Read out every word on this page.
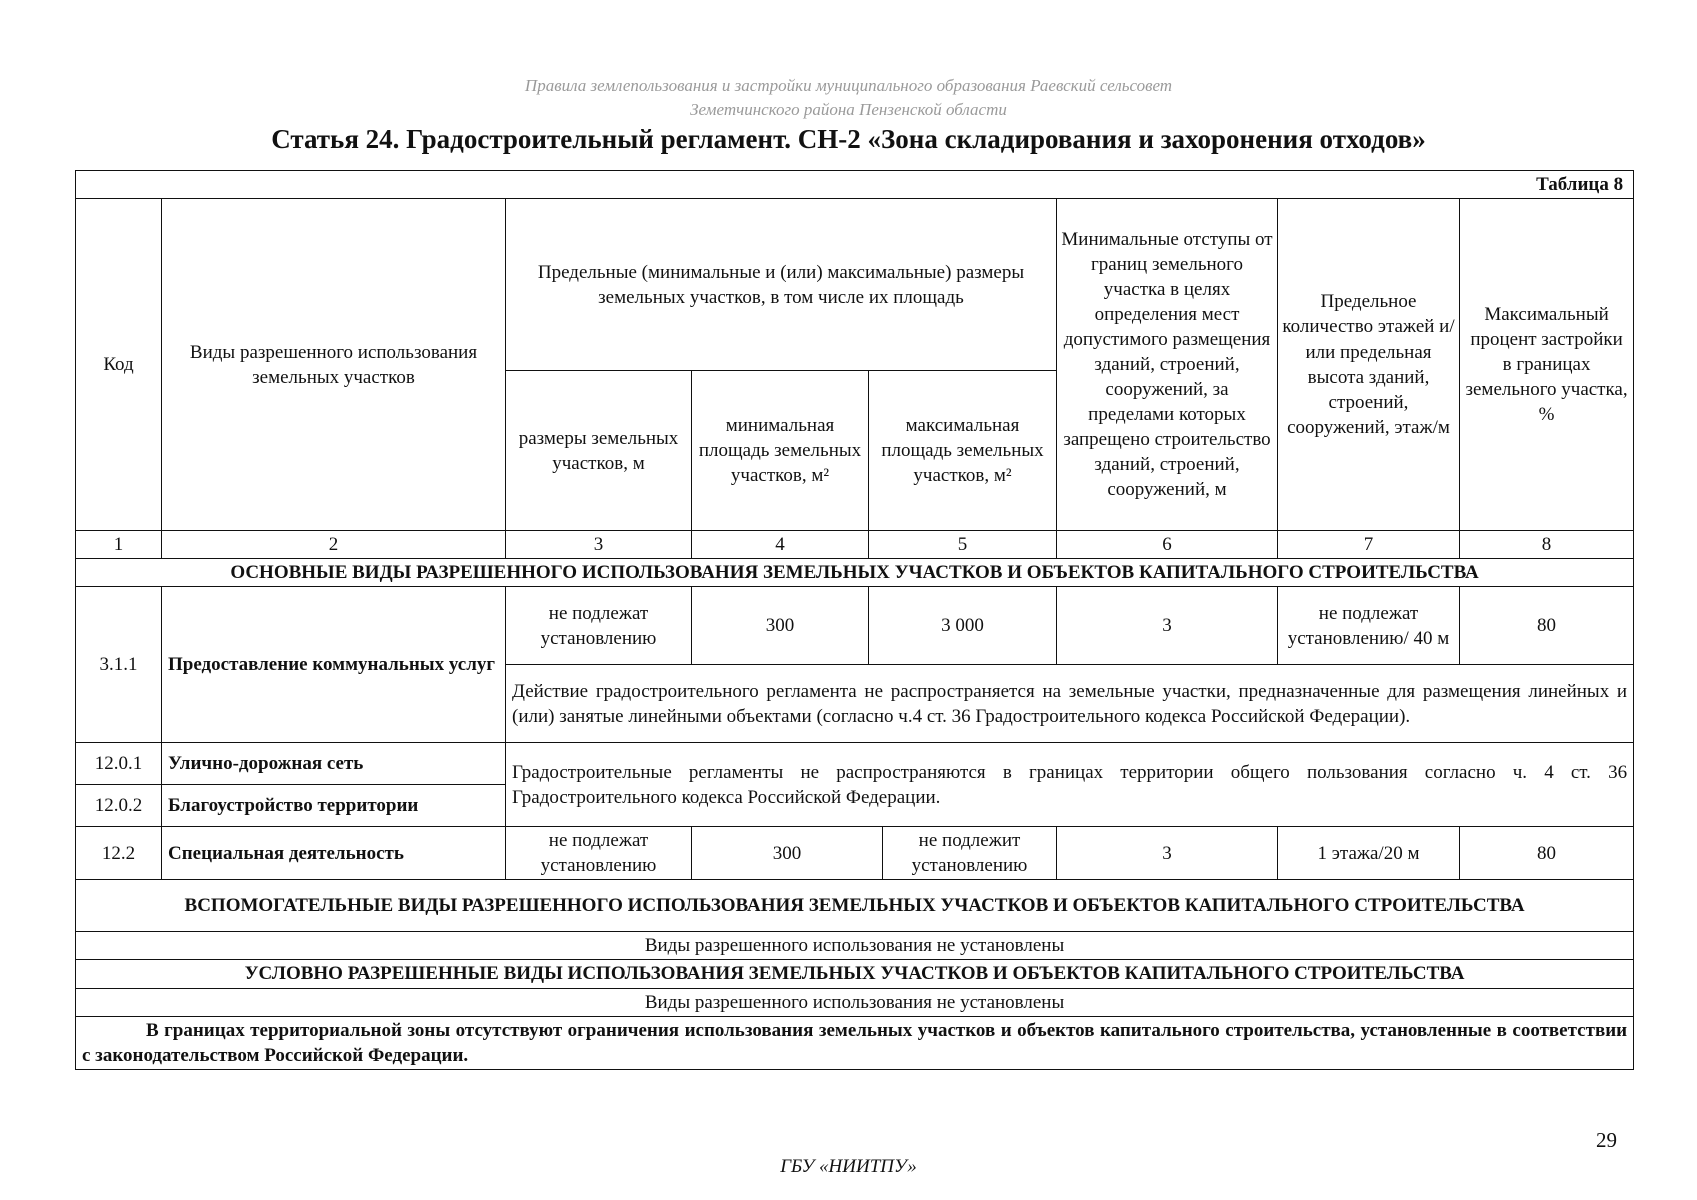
Правила землепользования и застройки муниципального образования Раевский сельсовет
Земетчинского района Пензенской области
Статья 24. Градостроительный регламент. СН-2 «Зона складирования и захоронения отходов»
Таблица 8								
Код	Виды разрешенного использования земельных участков	Предельные (минимальные и (или) максимальные) размеры земельных участков, в том числе их площадь				Минимальные отступы от границ земельного участка в целях определения мест допустимого размещения зданий, строений, сооружений, за пределами которых запрещено строительство зданий, строений, сооружений, м	Предельное количество этажей и/или предельная высота зданий, строений, сооружений, этаж/м	Максимальный процент застройки в границах земельного участка, %
		размеры земельных участков, м	минимальная площадь земельных участков, м²	максимальная площадь земельных участков, м²				
1	2	3	4	5		6	7	8
ОСНОВНЫЕ ВИДЫ РАЗРЕШЕННОГО ИСПОЛЬЗОВАНИЯ ЗЕМЕЛЬНЫХ УЧАСТКОВ И ОБЪЕКТОВ КАПИТАЛЬНОГО СТРОИТЕЛЬСТВА								
3.1.1	Предоставление коммунальных услуг	не подлежат установлению	300	3 000		3	не подлежат установлению/ 40 м	80
		Действие градостроительного регламента не распространяется на земельные участки, предназначенные для размещения линейных и (или) занятые линейными объектами (согласно ч.4 ст. 36 Градостроительного кодекса Российской Федерации).						
12.0.1	Улично-дорожная сеть	Градостроительные регламенты не распространяются в границах территории общего пользования согласно ч. 4 ст. 36 Градостроительного кодекса Российской Федерации.						
12.0.2	Благоустройство территории							
12.2	Специальная деятельность	не подлежат установлению	300		не подлежит установлению	3	1 этажа/20 м	80
ВСПОМОГАТЕЛЬНЫЕ ВИДЫ РАЗРЕШЕННОГО ИСПОЛЬЗОВАНИЯ ЗЕМЕЛЬНЫХ УЧАСТКОВ И ОБЪЕКТОВ КАПИТАЛЬНОГО СТРОИТЕЛЬСТВА								
Виды разрешенного использования не установлены								
УСЛОВНО РАЗРЕШЕННЫЕ ВИДЫ ИСПОЛЬЗОВАНИЯ ЗЕМЕЛЬНЫХ УЧАСТКОВ И ОБЪЕКТОВ КАПИТАЛЬНОГО СТРОИТЕЛЬСТВА								
Виды разрешенного использования не установлены								
В границах территориальной зоны отсутствуют ограничения использования земельных участков и объектов капитального строительства, установленные в соответствии с законодательством Российской Федерации.								
29
ГБУ «НИИТПУ»
